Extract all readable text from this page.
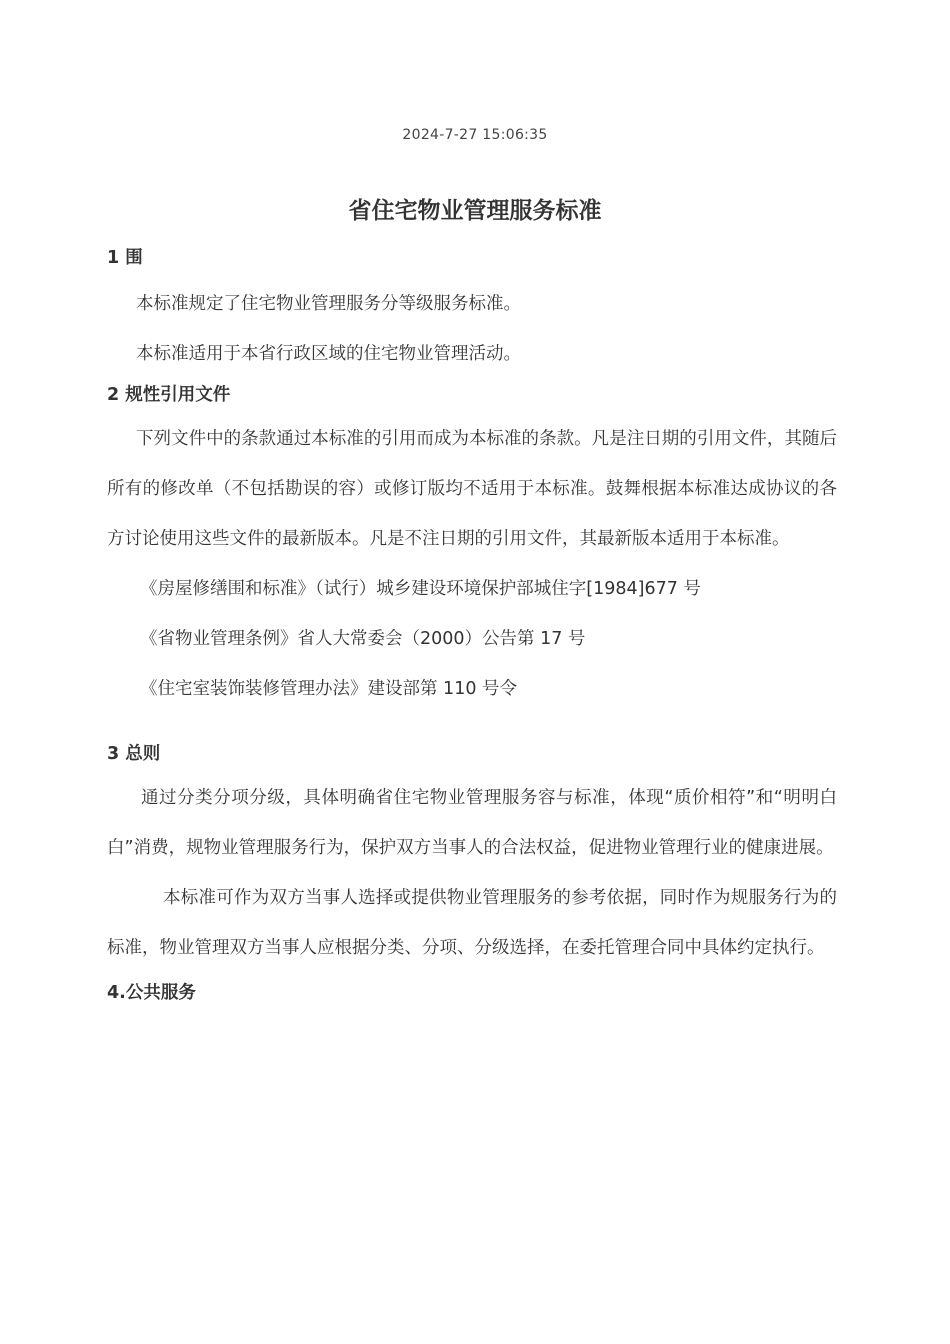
2024-7-27 15:06:35
省住宅物业管理服务标准

1 围

本标准规定了住宅物业管理服务分等级服务标准。

本标准适用于本省行政区域的住宅物业管理活动。

2 规性引用文件

下列文件中的条款通过本标准的引用而成为本标准的条款。凡是注日期的引用文件，其随后所有的修改单（不包括勘误的容）或修订版均不适用于本标准。鼓舞根据本标准达成协议的各方讨论使用这些文件的最新版本。凡是不注日期的引用文件，其最新版本适用于本标准。

《房屋修缮围和标准》（试行）城乡建设环境保护部城住字[1984]677 号

《省物业管理条例》省人大常委会（2000）公告第 17 号

《住宅室装饰装修管理办法》建设部第 110 号令

3 总则

通过分类分项分级，具体明确省住宅物业管理服务容与标准，体现“质价相符”和“明明白白”消费，规物业管理服务行为，保护双方当事人的合法权益，促进物业管理行业的健康进展。

本标准可作为双方当事人选择或提供物业管理服务的参考依据，同时作为规服务行为的标准，物业管理双方当事人应根据分类、分项、分级选择，在委托管理合同中具体约定执行。

4.公共服务
